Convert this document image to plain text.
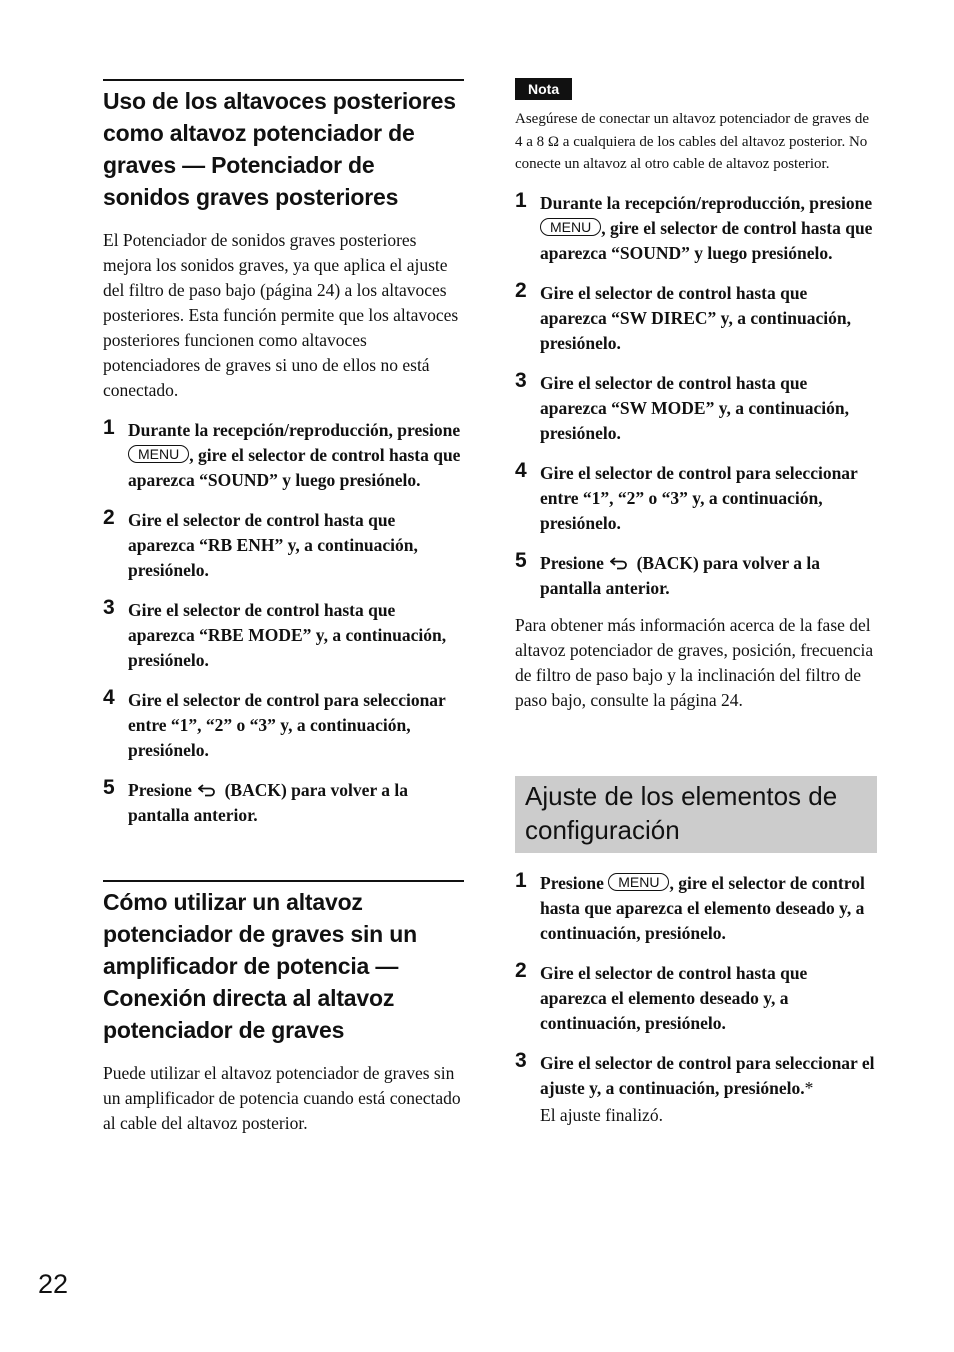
Uso de los altavoces posteriores como altavoz potenciador de graves — Potenciador de sonidos graves posteriores

El Potenciador de sonidos graves posteriores mejora los sonidos graves, ya que aplica el ajuste del filtro de paso bajo (página 24) a los altavoces posteriores. Esta función permite que los altavoces posteriores funcionen como altavoces potenciadores de graves si uno de ellos no está conectado.

1 Durante la recepción/reproducción, presione MENU , gire el selector de control hasta que aparezca “SOUND” y luego presiónelo.
2 Gire el selector de control hasta que aparezca “RB ENH” y, a continuación, presiónelo.
3 Gire el selector de control hasta que aparezca “RBE MODE” y, a continuación, presiónelo.
4 Gire el selector de control para seleccionar entre “1”, “2” o “3” y, a continuación, presiónelo.
5 Presione (BACK) para volver a la pantalla anterior.
Cómo utilizar un altavoz potenciador de graves sin un amplificador de potencia — Conexión directa al altavoz potenciador de graves

Puede utilizar el altavoz potenciador de graves sin un amplificador de potencia cuando está conectado al cable del altavoz posterior.

Nota

Asegúrese de conectar un altavoz potenciador de graves de 4 a 8 Ω a cualquiera de los cables del altavoz posterior. No conecte un altavoz al otro cable de altavoz posterior.

1 Durante la recepción/reproducción, presione MENU , gire el selector de control hasta que aparezca “SOUND” y luego presiónelo.
2 Gire el selector de control hasta que aparezca “SW DIREC” y, a continuación, presiónelo.
3 Gire el selector de control hasta que aparezca “SW MODE” y, a continuación, presiónelo.
4 Gire el selector de control para seleccionar entre “1”, “2” o “3” y, a continuación, presiónelo.
5 Presione (BACK) para volver a la pantalla anterior.

Para obtener más información acerca de la fase del altavoz potenciador de graves, posición, frecuencia de filtro de paso bajo y la inclinación del filtro de paso bajo, consulte la página 24.

Ajuste de los elementos de configuración
1 Presione MENU , gire el selector de control hasta que aparezca el elemento deseado y, a continuación, presiónelo.
2 Gire el selector de control hasta que aparezca el elemento deseado y, a continuación, presiónelo.
3 Gire el selector de control para seleccionar el ajuste y, a continuación, presiónelo.*
El ajuste finalizó.
22
